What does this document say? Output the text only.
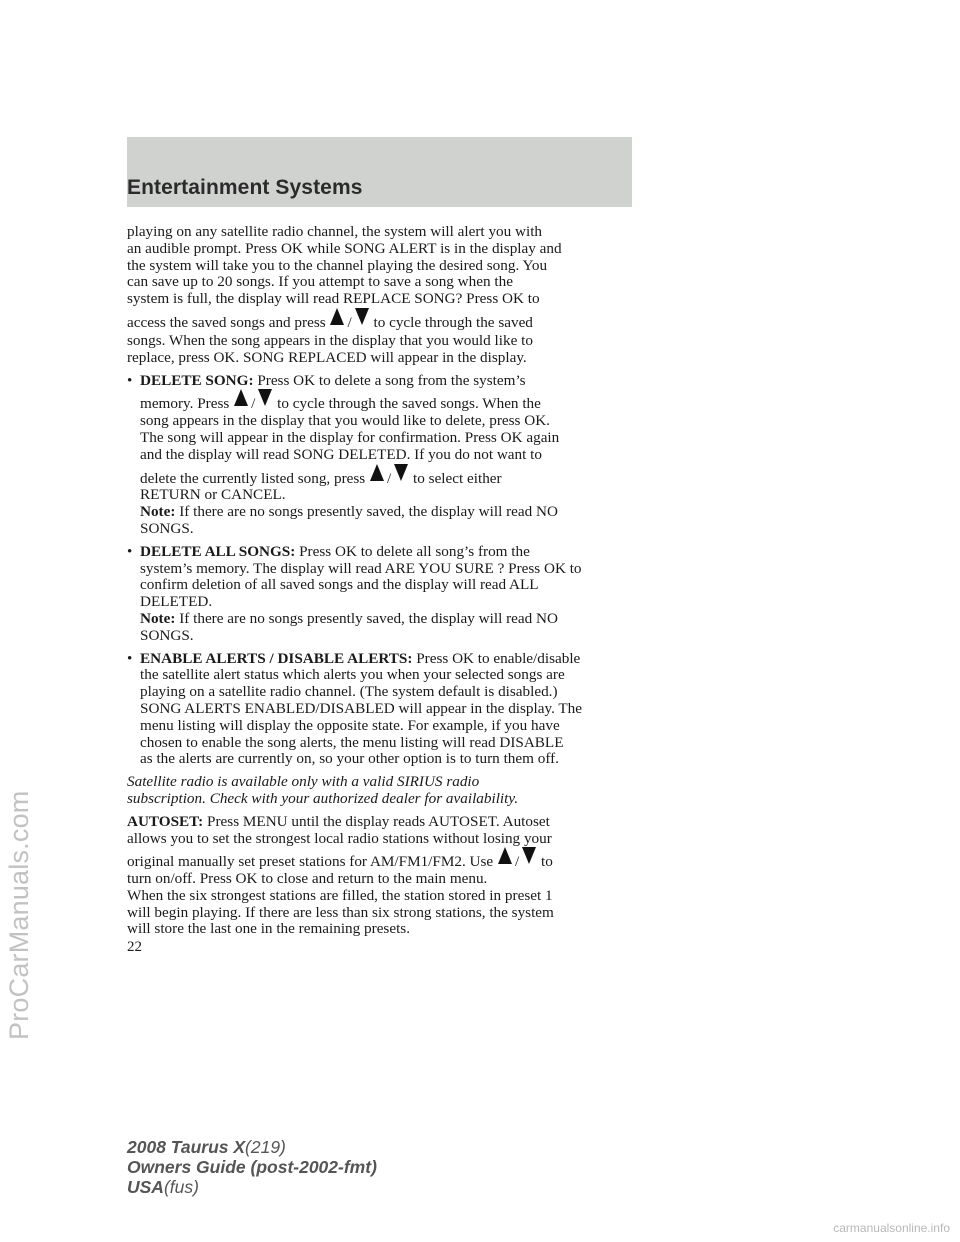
Entertainment Systems

playing on any satellite radio channel, the system will alert you with
an audible prompt. Press OK while SONG ALERT is in the display and
the system will take you to the channel playing the desired song. You
can save up to 20 songs. If you attempt to save a song when the
system is full, the display will read REPLACE SONG? Press OK to
access the saved songs and press / to cycle through the saved
songs. When the song appears in the display that you would like to
replace, press OK. SONG REPLACED will appear in the display.

• DELETE SONG: Press OK to delete a song from the system’s
memory. Press / to cycle through the saved songs. When the
song appears in the display that you would like to delete, press OK.
The song will appear in the display for confirmation. Press OK again
and the display will read SONG DELETED. If you do not want to
delete the currently listed song, press / to select either
RETURN or CANCEL.
Note: If there are no songs presently saved, the display will read NO
SONGS.

• DELETE ALL SONGS: Press OK to delete all song’s from the
system’s memory. The display will read ARE YOU SURE ? Press OK to
confirm deletion of all saved songs and the display will read ALL
DELETED.
Note: If there are no songs presently saved, the display will read NO
SONGS.

• ENABLE ALERTS / DISABLE ALERTS: Press OK to enable/disable
the satellite alert status which alerts you when your selected songs are
playing on a satellite radio channel. (The system default is disabled.)
SONG ALERTS ENABLED/DISABLED will appear in the display. The
menu listing will display the opposite state. For example, if you have
chosen to enable the song alerts, the menu listing will read DISABLE
as the alerts are currently on, so your other option is to turn them off.

Satellite radio is available only with a valid SIRIUS radio
subscription. Check with your authorized dealer for availability.

AUTOSET: Press MENU until the display reads AUTOSET. Autoset
allows you to set the strongest local radio stations without losing your
original manually set preset stations for AM/FM1/FM2. Use / to
turn on/off. Press OK to close and return to the main menu.
When the six strongest stations are filled, the station stored in preset 1
will begin playing. If there are less than six strong stations, the system
will store the last one in the remaining presets.

22
2008 Taurus X(219)
Owners Guide (post-2002-fmt)
USA(fus)
ProCarManuals.com
carmanualsonline.info
